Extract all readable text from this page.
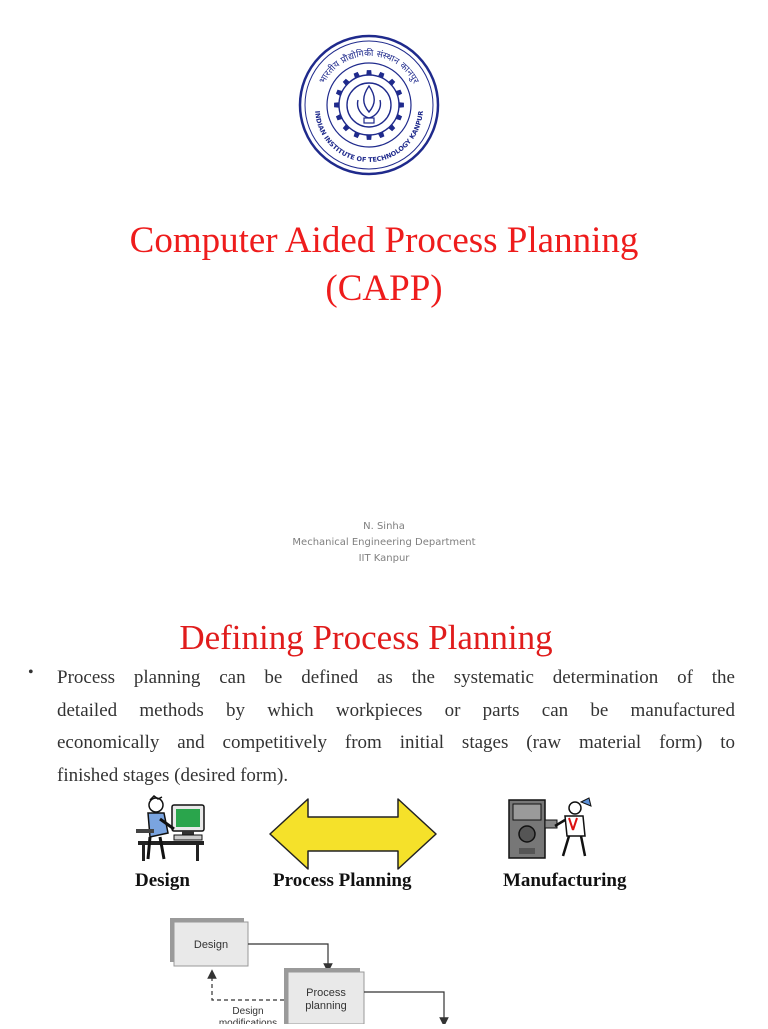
भारतीय प्रौद्योगिकी संस्थान कानपुर
INDIAN INSTITUTE OF TECHNOLOGY KANPUR
Computer Aided Process Planning
(CAPP)
N. Sinha
Mechanical Engineering Department
IIT Kanpur
Defining Process Planning
• Process planning can be defined as the systematic determination of the
detailed methods by which workpieces or parts can be manufactured
economically and competitively from initial stages (raw material form) to
finished stages (desired form).
Design	Process Planning	Manufacturing
Design
Process
planning
Design
modifications
